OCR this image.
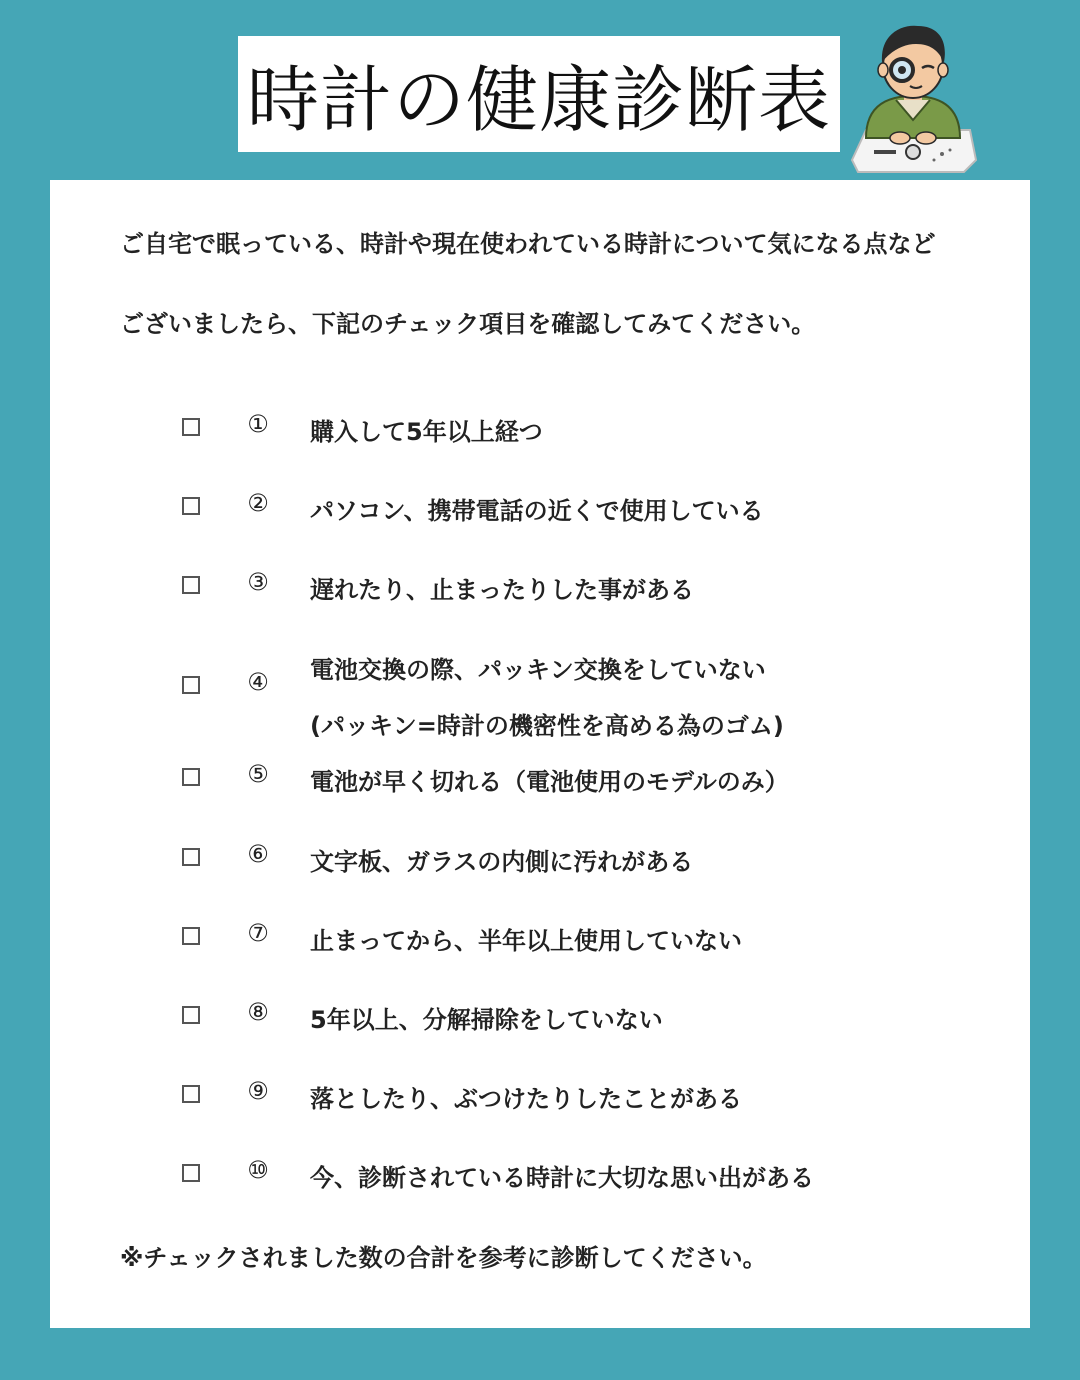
時計の健康診断表
ご自宅で眠っている、時計や現在使われている時計について気になる点など
ございましたら、下記のチェック項目を確認してみてください。
① 購入して5年以上経つ
② パソコン、携帯電話の近くで使用している
③ 遅れたり、止まったりした事がある
④ 電池交換の際、パッキン交換をしていない
(パッキン=時計の機密性を高める為のゴム)
⑤ 電池が早く切れる（電池使用のモデルのみ）
⑥ 文字板、ガラスの内側に汚れがある
⑦ 止まってから、半年以上使用していない
⑧ 5年以上、分解掃除をしていない
⑨ 落としたり、ぶつけたりしたことがある
⑩ 今、診断されている時計に大切な思い出がある
※チェックされました数の合計を参考に診断してください。
